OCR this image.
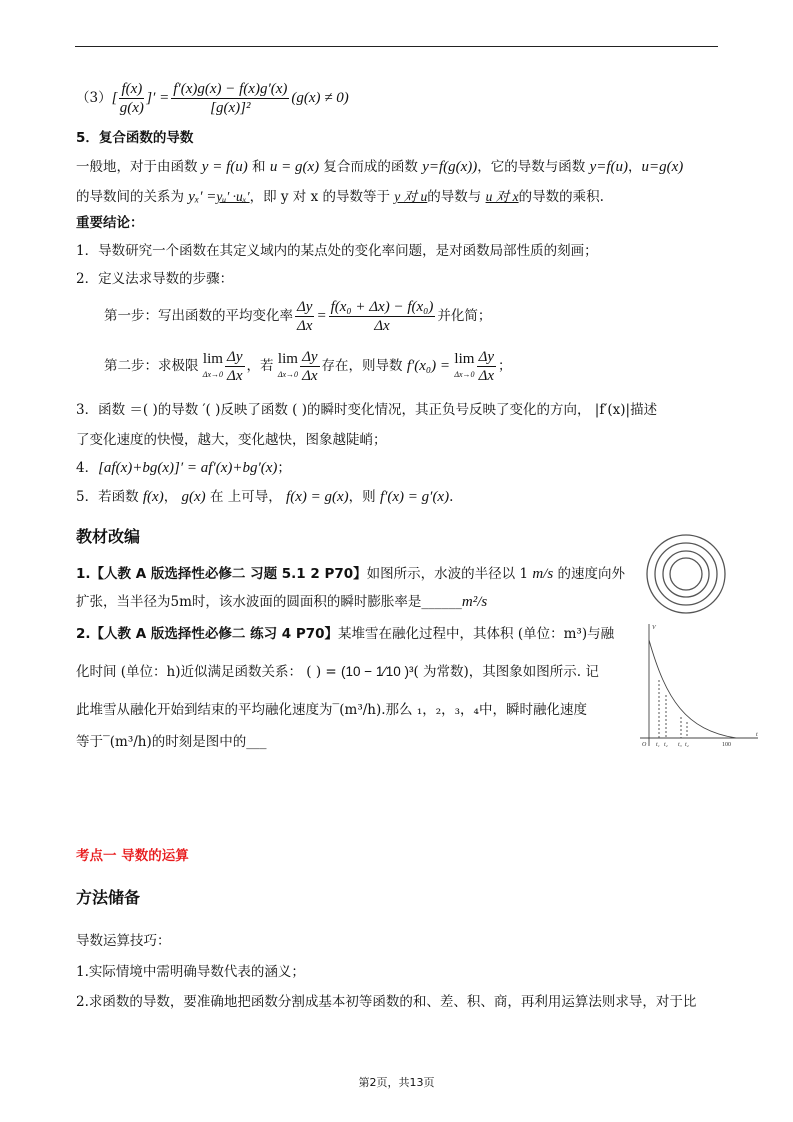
$(3)[ \frac{f(x)}{g(x)}$ ]′ = $\frac{f'(x)g(x) - f(x)g'(x)}{\text{[g(x)]²}} (g(x) \ne 0)$
5．复合函数的导数
一般地，对于由函数 y = f(u) 和 u = g(x) 复合而成的函数 y=f(g(x))，它的导数与函数 y=f(u)，u=g(x)
的导数间的关系为 yₓ′ =yᵤ′ ·uₓ′，即 y 对 x 的导数等于 y 对 u的导数与 u 对 x的导数的乘积.
重要结论：
1．导数研究一个函数在其定义域内的某点处的变化率问题，是对函数局部性质的刻画；
2．定义法求导数的步骤：
第一步：写出函数的平均变化率 $\frac{\Delta y}{\Delta x} = \frac{\text{f(x₀ + Δx) − f(x₀)}}{\Delta x}$ 并化简；
第二步：求极限 lim
$\Delta x\to 0 \frac{\Delta y}{\Delta x}$ ，若 lim
$\Delta x\to 0 \frac{\Delta y}{\Delta x}$ 存在，则导数 f′(x₀) = lim
$\Delta x\to 0 \frac{\Delta y}{\Delta x}$ ；
3．函数 ＝( )的导数 ′( )反映了函数 ( )的瞬时变化情况，其正负号反映了变化的方向， |f′(x)|描述
了变化速度的快慢，越大，变化越快，图象越陡峭；
4．[af(x)+bg(x)]′ = af′(x)+bg′(x)；
5．若函数 f(x)， g(x) 在 上可导， f(x) = g(x)，则 f′(x) = g′(x).
教材改编
1.【人教 A 版选择性必修二 习题 5.1 2 P70】如图所示，水波的半径以 1 m/s 的速度向外
扩张，当半径为5m时，该水波面的圆面积的瞬时膨胀率是______m²/s
2.【人教 A 版选择性必修二 练习 4 P70】某堆雪在融化过程中，其体积 (单位：m³)与融
化时间 (单位：h)近似满足函数关系： ( ) = (10 − 1⁄10 )³( 为常数)，其图象如图所示. 记
此堆雪从融化开始到结束的平均融化速度为‾(m³/h).那么 ₁，₂，₃，₄中，瞬时融化速度
等于‾(m³/h)的时刻是图中的___
V
t
O t₁ t₂ t₃ t₄	100
考点一 导数的运算
方法储备
导数运算技巧：
1.实际情境中需明确导数代表的涵义；
2.求函数的导数，要准确地把函数分割成基本初等函数的和、差、积、商，再利用运算法则求导，对于比
第2页，共13页
